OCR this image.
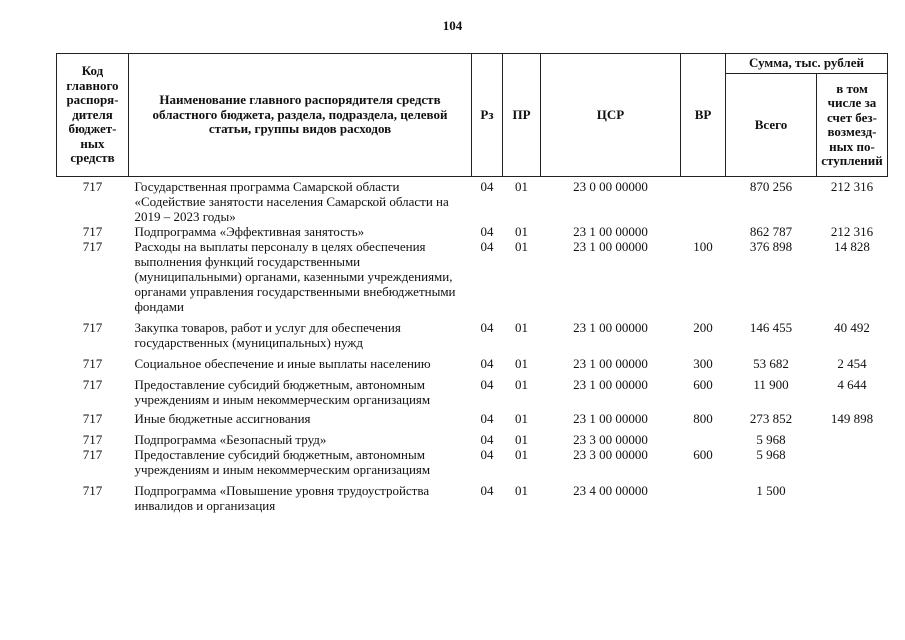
104
Код главного распоря-дителя бюджет-ных средств	Наименование главного распорядителя средств областного бюджета, раздела, подраздела, целевой статьи, группы видов расходов	Рз	ПР	ЦСР	ВР	Сумма, тыс. рублей	
						Всего	в том числе за счет без-возмезд-ных по-ступлений
717	Государственная программа Самарской области «Содействие занятости населения Самарской области на 2019 – 2023 годы»	04	01	23 0 00 00000		870 256	212 316
717	Подпрограмма «Эффективная занятость»	04	01	23 1 00 00000		862 787	212 316
717	Расходы на выплаты персоналу в целях обеспечения выполнения функций государственными (муниципальными) органами, казенными учреждениями, органами управления государственными внебюджетными фондами	04	01	23 1 00 00000	100	376 898	14 828
717	Закупка товаров, работ и услуг для обеспечения государственных (муниципальных) нужд	04	01	23 1 00 00000	200	146 455	40 492
717	Социальное обеспечение и иные выплаты населению	04	01	23 1 00 00000	300	53 682	2 454
717	Предоставление субсидий бюджетным, автономным учреждениям и иным некоммерческим организациям	04	01	23 1 00 00000	600	11 900	4 644
717	Иные бюджетные ассигнования	04	01	23 1 00 00000	800	273 852	149 898
717	Подпрограмма «Безопасный труд»	04	01	23 3 00 00000		5 968	
717	Предоставление субсидий бюджетным, автономным учреждениям и иным некоммерческим организациям	04	01	23 3 00 00000	600	5 968	
717	Подпрограмма «Повышение уровня трудоустройства инвалидов и организация	04	01	23 4 00 00000		1 500	
